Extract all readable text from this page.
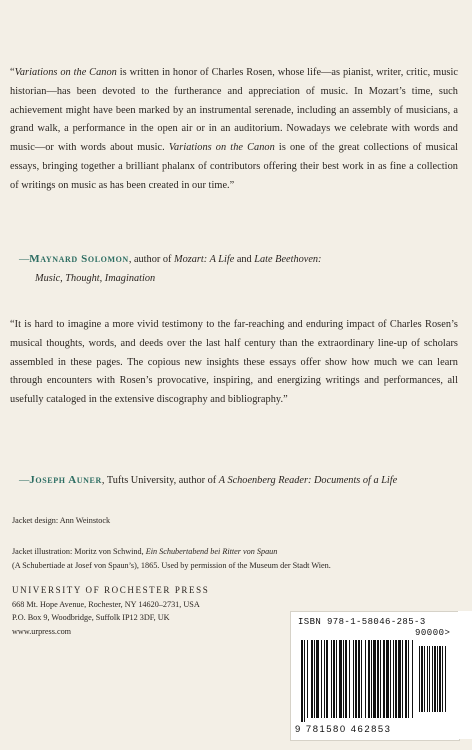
“Variations on the Canon is written in honor of Charles Rosen, whose life—as pianist, writer, critic, music historian—has been devoted to the furtherance and appreciation of music. In Mozart’s time, such achievement might have been marked by an instrumental serenade, including an assembly of musicians, a grand walk, a performance in the open air or in an auditorium. Nowadays we celebrate with words and music—or with words about music. Variations on the Canon is one of the great collections of musical essays, bringing together a brilliant phalanx of contributors offering their best work in as fine a collection of writings on music as has been created in our time.”
—Maynard Solomon, author of Mozart: A Life and Late Beethoven:
Music, Thought, Imagination
“It is hard to imagine a more vivid testimony to the far-reaching and enduring impact of Charles Rosen’s musical thoughts, words, and deeds over the last half century than the extraordinary line-up of scholars assembled in these pages. The copious new insights these essays offer show how much we can learn through encounters with Rosen’s provocative, inspiring, and energizing writings and performances, all usefully cataloged in the extensive discography and bibliography.”
—Joseph Auner, Tufts University, author of A Schoenberg Reader: Documents of a Life
Jacket design: Ann Weinstock
Jacket illustration: Moritz von Schwind, Ein Schubertabend bei Ritter von Spaun
(A Schubertiade at Josef von Spaun’s), 1865. Used by permission of the Museum der Stadt Wien.
UNIVERSITY OF ROCHESTER PRESS
668 Mt. Hope Avenue, Rochester, NY 14620–2731, USA
P.O. Box 9, Woodbridge, Suffolk IP12 3DF, UK
www.urpress.com
ISBN 978-1-58046-285-3
90000>
9 781580 462853
